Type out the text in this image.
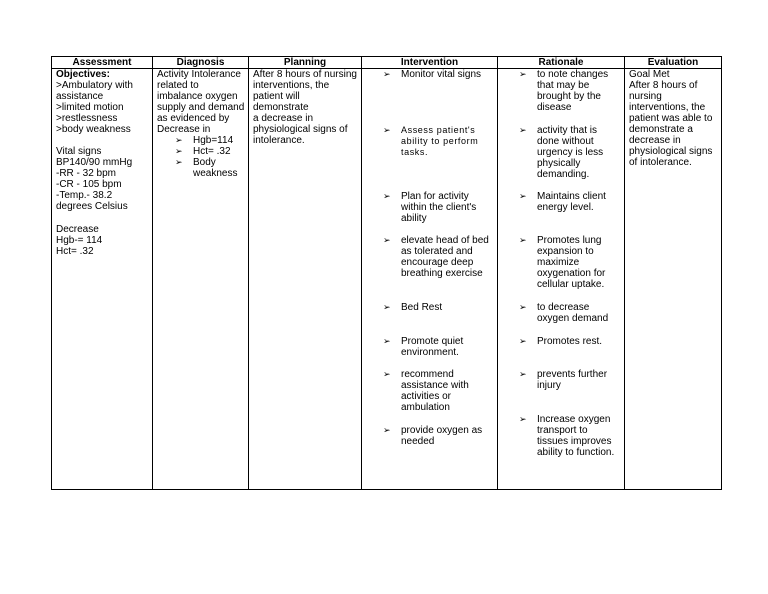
Assessment
Objectives:
>Ambulatory with
assistance
>limited motion
>restlessness
>body weakness
Vital signs
BP140/90 mmHg
-RR - 32 bpm
-CR - 105 bpm
-Temp.- 38.2
degrees Celsius
Decrease
Hgb-= 114
Hct= .32
Diagnosis
Activity Intolerance
related to
imbalance oxygen
supply and demand
as evidenced by
Decrease in
➢ Hgb=114
➢ Hct= .32
➢ Body
weakness
Planning
After 8 hours of nursing
interventions, the
patient will demonstrate
a decrease in
physiological signs of
intolerance.
Intervention
➢ Monitor vital signs
➢ Assess patient's
ability to perform
tasks.
➢ Plan for activity
within the client's
ability
➢ elevate head of bed
as tolerated and
encourage deep
breathing exercise
➢ Bed Rest
➢ Promote quiet
environment.
➢ recommend
assistance with
activities or
ambulation
➢ provide oxygen as
needed
Rationale
➢ to note changes
that may be
brought by the
disease
➢ activity that is
done without
urgency is less
physically
demanding.
➢ Maintains client
energy level.
➢ Promotes lung
expansion to
maximize
oxygenation for
cellular uptake.
➢ to decrease
oxygen demand
➢ Promotes rest.
➢ prevents further
injury
➢ Increase oxygen
transport to
tissues improves
ability to function.
Evaluation
Goal Met
After 8 hours of
nursing
interventions, the
patient was able to
demonstrate a
decrease in
physiological signs
of intolerance.
